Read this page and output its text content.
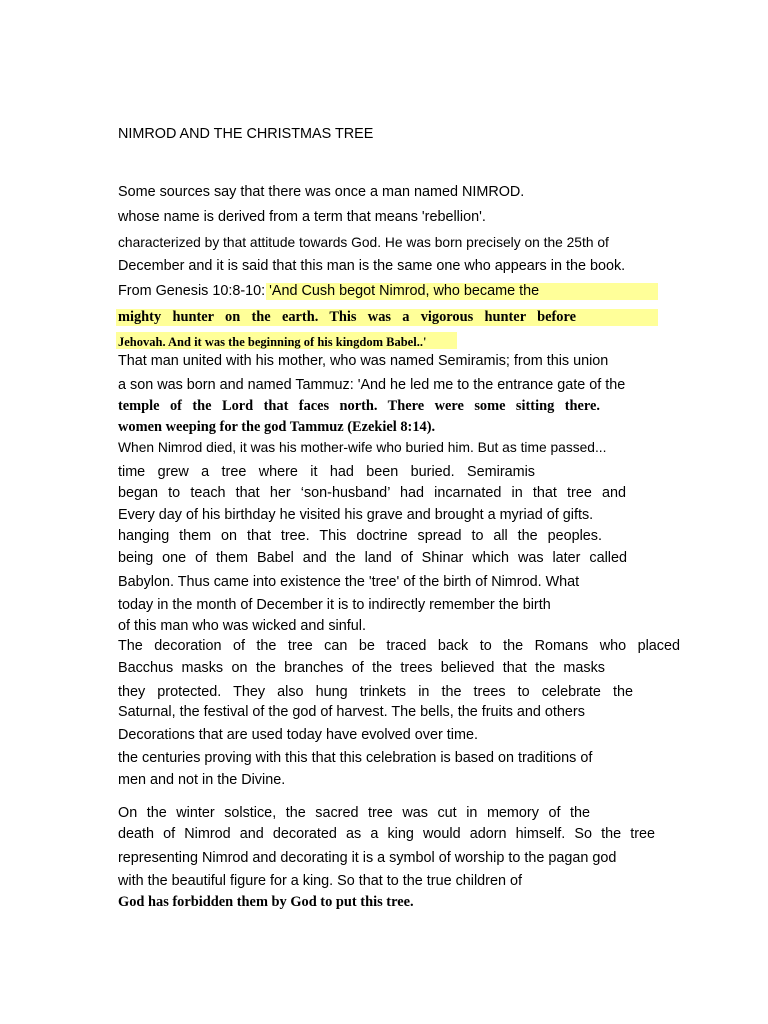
NIMROD AND THE CHRISTMAS TREE
Some sources say that there was once a man named NIMROD.
whose name is derived from a term that means 'rebellion'.
characterized by that attitude towards God. He was born precisely on the 25th of
December and it is said that this man is the same one who appears in the book.
From Genesis 10:8-10: 'And Cush begot Nimrod, who became the
mighty hunter on the earth. This was a vigorous hunter before
Jehovah. And it was the beginning of his kingdom Babel..'
That man united with his mother, who was named Semiramis; from this union
a son was born and named Tammuz: 'And he led me to the entrance gate of the
temple of the Lord that faces north. There were some sitting there.
women weeping for the god Tammuz (Ezekiel 8:14).
When Nimrod died, it was his mother-wife who buried him. But as time passed...
time grew a tree where it had been buried. Semiramis
began to teach that her ‘son-husband’ had incarnated in that tree and
Every day of his birthday he visited his grave and brought a myriad of gifts.
hanging them on that tree. This doctrine spread to all the peoples.
being one of them Babel and the land of Shinar which was later called
Babylon. Thus came into existence the 'tree' of the birth of Nimrod. What
today in the month of December it is to indirectly remember the birth
of this man who was wicked and sinful.
The decoration of the tree can be traced back to the Romans who placed
Bacchus masks on the branches of the trees believed that the masks
they protected. They also hung trinkets in the trees to celebrate the
Saturnal, the festival of the god of harvest. The bells, the fruits and others
Decorations that are used today have evolved over time.
the centuries proving with this that this celebration is based on traditions of
men and not in the Divine.
On the winter solstice, the sacred tree was cut in memory of the
death of Nimrod and decorated as a king would adorn himself. So the tree
representing Nimrod and decorating it is a symbol of worship to the pagan god
with the beautiful figure for a king. So that to the true children of
God has forbidden them by God to put this tree.
